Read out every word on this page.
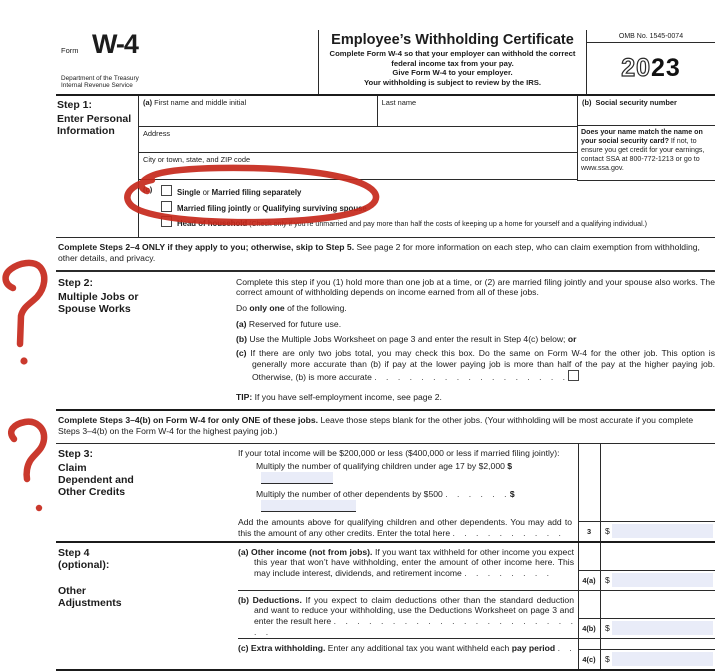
Form W-4
Department of the Treasury
Internal Revenue Service
Employee’s Withholding Certificate
Complete Form W-4 so that your employer can withhold the correct federal income tax from your pay.
Give Form W-4 to your employer.
Your withholding is subject to review by the IRS.
OMB No. 1545-0074
20 23
Step 1:
Enter Personal Information
(a) First name and middle initial	Last name
Address
City or town, state, and ZIP code
(b) Social security number
Does your name match the name on your social security card? If not, to ensure you get credit for your earnings, contact SSA at 800-772-1213 or go to www.ssa.gov.
(c)	Single or Married filing separately
Married filing jointly or Qualifying surviving spouse
Head of household (Check only if you’re unmarried and pay more than half the costs of keeping up a home for yourself and a qualifying individual.)
Complete Steps 2–4 ONLY if they apply to you; otherwise, skip to Step 5. See page 2 for more information on each step, who can claim exemption from withholding, other details, and privacy.
Step 2:
Multiple Jobs or Spouse Works

Complete this step if you (1) hold more than one job at a time, or (2) are married filing jointly and your spouse also works. The correct amount of withholding depends on income earned from all of these jobs.

Do only one of the following.

(a) Reserved for future use.
(b) Use the Multiple Jobs Worksheet on page 3 and enter the result in Step 4(c) below; or
(c) If there are only two jobs total, you may check this box. Do the same on Form W-4 for the other job. This option is generally more accurate than (b) if pay at the lower paying job is more than half of the pay at the higher paying job. Otherwise, (b) is more accurate . . . . . . . . . . . . . . . . .
TIP: If you have self-employment income, see page 2.
Complete Steps 3–4(b) on Form W-4 for only ONE of these jobs. Leave those steps blank for the other jobs. (Your withholding will be most accurate if you complete Steps 3–4(b) on the Form W-4 for the highest paying job.)
Step 3:
Claim Dependent and Other Credits
If your total income will be $200,000 or less ($400,000 or less if married filing jointly):
Multiply the number of qualifying children under age 17 by $2,000 $
Multiply the number of other dependents by $500 . . . . . . $
Add the amounts above for qualifying children and other dependents. You may add to this the amount of any other credits. Enter the total here . . . . . . . . . .	3	$
Step 4
(optional):
Other Adjustments

(a) Other income (not from jobs). If you want tax withheld for other income you expect this year that won’t have withholding, enter the amount of other income here. This may include interest, dividends, and retirement income . . . . . . . .

4(a)	$

(b) Deductions. If you expect to claim deductions other than the standard deduction and want to reduce your withholding, use the Deductions Worksheet on page 3 and enter the result here . . . . . . . . . . . . . . . . . . . . . . .	4(b)	$

(c) Extra withholding. Enter any additional tax you want withheld each pay period . .

4(c)	$
